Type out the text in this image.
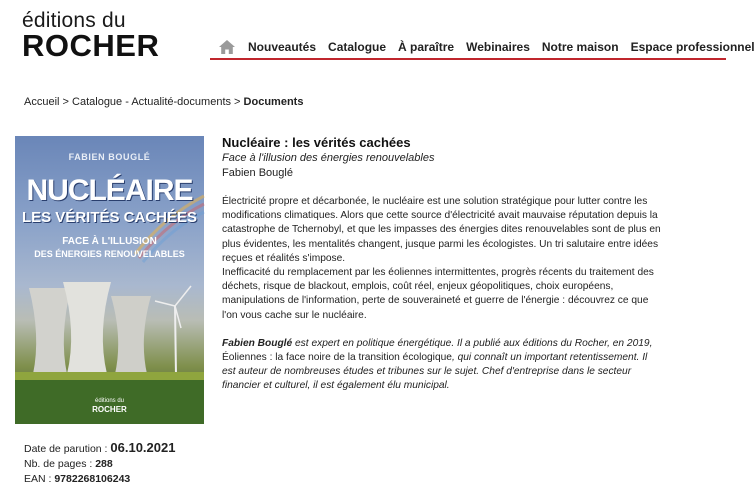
éditions du
ROCHER	Nouveautés Catalogue À paraître Webinaires Notre maison Espace professionnel
Accueil > Catalogue - Actualité-documents > Documents
FABIEN BOUGLÉ
NUCLÉAIRE
LES VÉRITÉS CACHÉES
FACE À L'ILLUSION
DES ÉNERGIES RENOUVELABLES
éditions du
ROCHER
Nucléaire : les vérités cachées
Face à l'illusion des énergies renouvelables
Fabien Bouglé

Électricité propre et décarbonée, le nucléaire est une solution stratégique pour lutter contre les modifications climatiques. Alors que cette source d'électricité avait mauvaise réputation depuis la catastrophe de Tchernobyl, et que les impasses des énergies dites renouvelables sont de plus en plus évidentes, les mentalités changent, jusque parmi les écologistes. Un tri salutaire entre idées reçues et réalités s'impose.

Inefficacité du remplacement par les éoliennes intermittentes, progrès récents du traitement des déchets, risque de blackout, emplois, coût réel, enjeux géopolitiques, choix européens, manipulations de l'information, perte de souveraineté et guerre de l'énergie : découvrez ce que l'on vous cache sur le nucléaire.

Fabien Bouglé est expert en politique énergétique. Il a publié aux éditions du Rocher, en 2019, Éoliennes : la face noire de la transition écologique, qui connaît un important retentissement. Il est auteur de nombreuses études et tribunes sur le sujet. Chef d'entreprise dans le secteur financier et culturel, il est également élu municipal.
Date de parution : 06.10.2021
Nb. de pages : 288
EAN : 9782268106243
